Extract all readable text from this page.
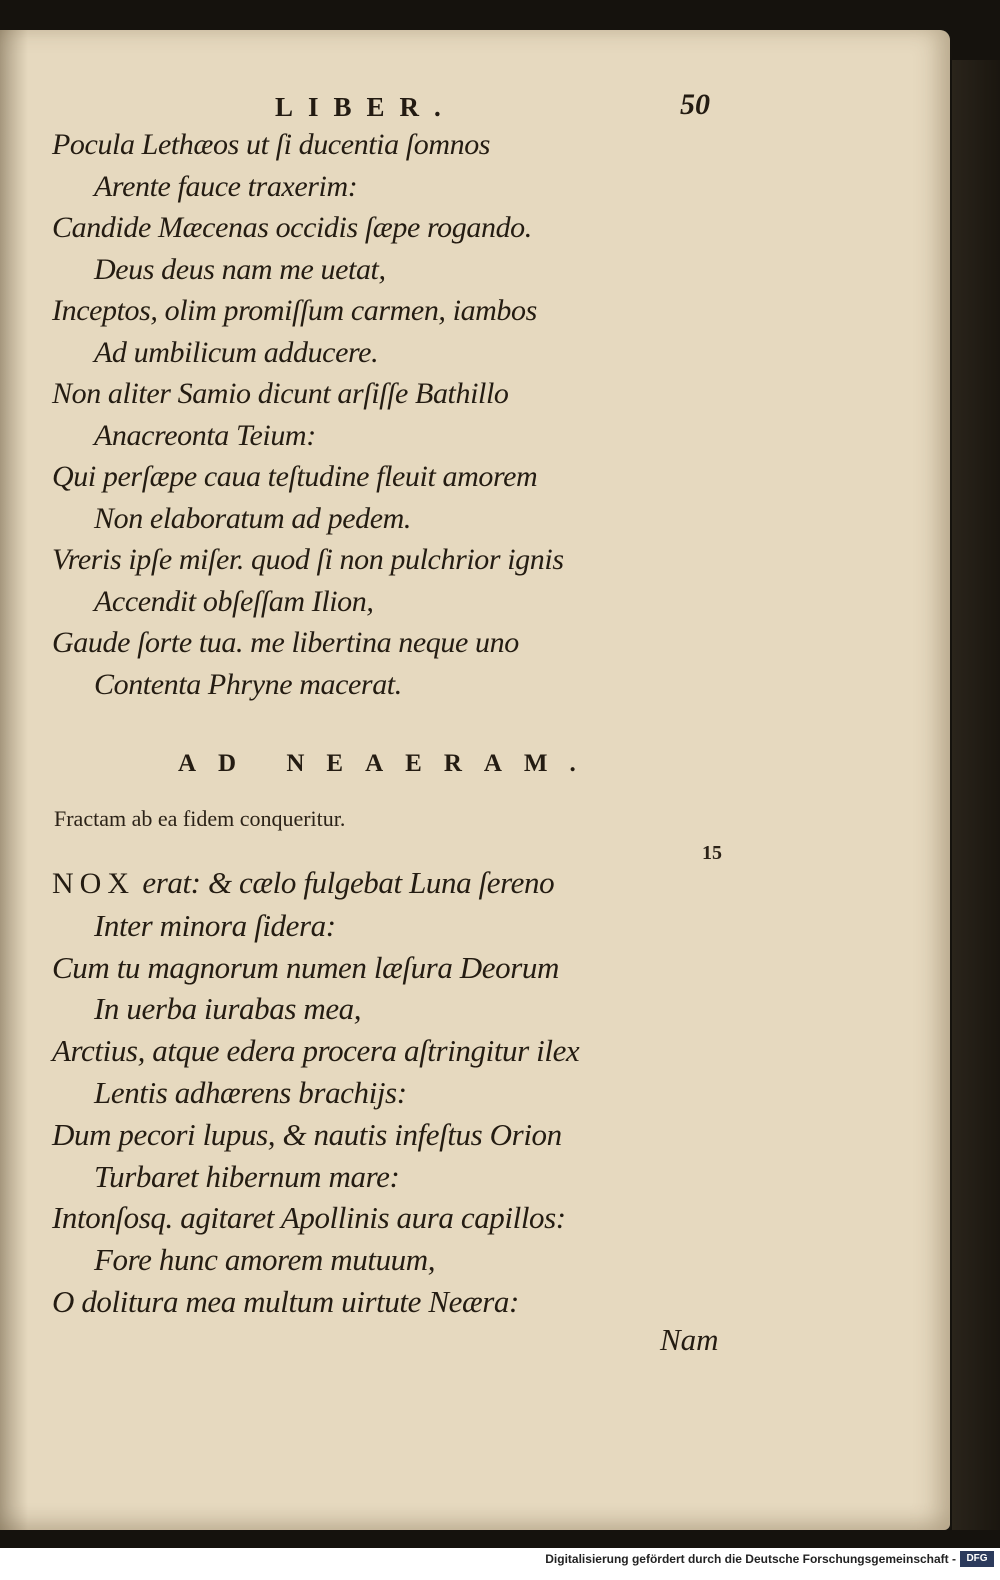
LIBER.	50
Pocula Lethæos ut ſi ducentia ſomnos
Arente fauce traxerim:
Candide Mæcenas occidis ſæpe rogando.
Deus deus nam me uetat,
Inceptos, olim promiſſum carmen, iambos
Ad umbilicum adducere.
Non aliter Samio dicunt arſiſſe Bathillo
Anacreonta Teium:
Qui perſæpe caua teſtudine fleuit amorem
Non elaboratum ad pedem.
Vreris ipſe miſer. quod ſi non pulchrior ignis
Accendit obſeſſam Ilion,
Gaude ſorte tua. me libertina neque uno
Contenta Phryne macerat.
AD NEAERAM.
Fractam ab ea fidem conqueritur.
15
NOX erat: & cælo fulgebat Luna ſereno
Inter minora ſidera:
Cum tu magnorum numen læſura Deorum
In uerba iurabas mea,
Arctius, atque edera procera aſtringitur ilex
Lentis adhærens brachijs:
Dum pecori lupus, & nautis infeſtus Orion
Turbaret hibernum mare:
Intonſosq. agitaret Apollinis aura capillos:
Fore hunc amorem mutuum,
O dolitura mea multum uirtute Neæra:
Nam
Digitalisierung gefördert durch die Deutsche Forschungsgemeinschaft -	DFG
